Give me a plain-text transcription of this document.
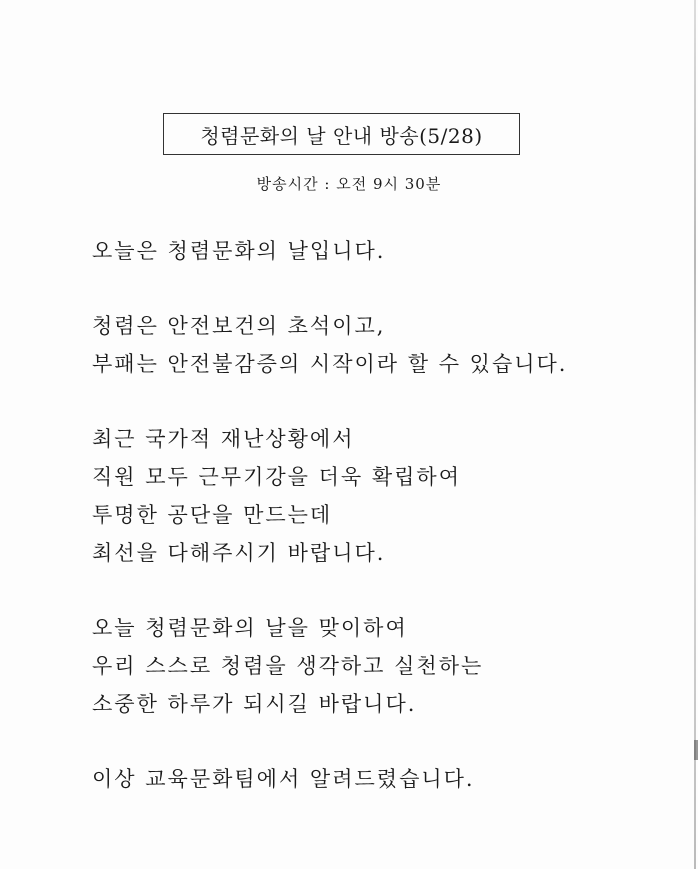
청렴문화의 날 안내 방송(5/28)
방송시간 : 오전 9시 30분
오늘은 청렴문화의 날입니다.
청렴은 안전보건의 초석이고,
부패는 안전불감증의 시작이라 할 수 있습니다.
최근 국가적 재난상황에서
직원 모두 근무기강을 더욱 확립하여
투명한 공단을 만드는데
최선을 다해주시기 바랍니다.
오늘 청렴문화의 날을 맞이하여
우리 스스로 청렴을 생각하고 실천하는
소중한 하루가 되시길 바랍니다.
이상 교육문화팀에서 알려드렸습니다.
